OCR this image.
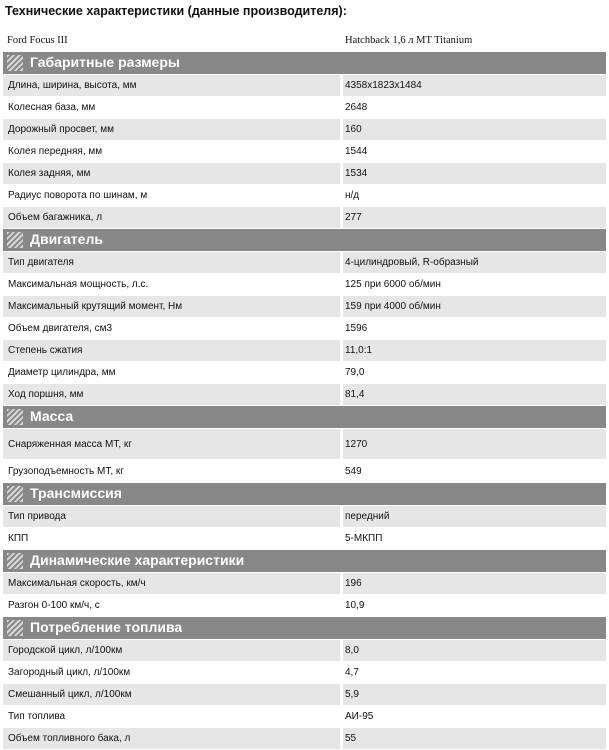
Технические характеристики (данные производителя):
Ford Focus III	Hatchback 1,6 л MT Titanium
Габаритные размеры
Длина, ширина, высота, мм	4358x1823x1484
Колесная база, мм	2648
Дорожный просвет, мм	160
Колея передняя, мм	1544
Колея задняя, мм	1534
Радиус поворота по шинам, м	н/д
Объем багажника, л	277
Двигатель
Тип двигателя	4-цилиндровый, R-образный
Максимальная мощность, л.с.	125 при 6000 об/мин
Максимальный крутящий момент, Нм	159 при 4000 об/мин
Объем двигателя, см3	1596
Степень сжатия	11,0:1
Диаметр цилиндра, мм	79,0
Ход поршня, мм	81,4
Масса
Снаряженная масса МТ, кг	1270
Грузоподъемность МТ, кг	549
Трансмиссия
Тип привода	передний
КПП	5-МКПП
Динамические характеристики
Максимальная скорость, км/ч	196
Разгон 0-100 км/ч, с	10,9
Потребление топлива
Городской цикл, л/100км	8,0
Загородный цикл, л/100км	4,7
Смешанный цикл, л/100км	5,9
Тип топлива	АИ-95
Объем топливного бака, л	55
